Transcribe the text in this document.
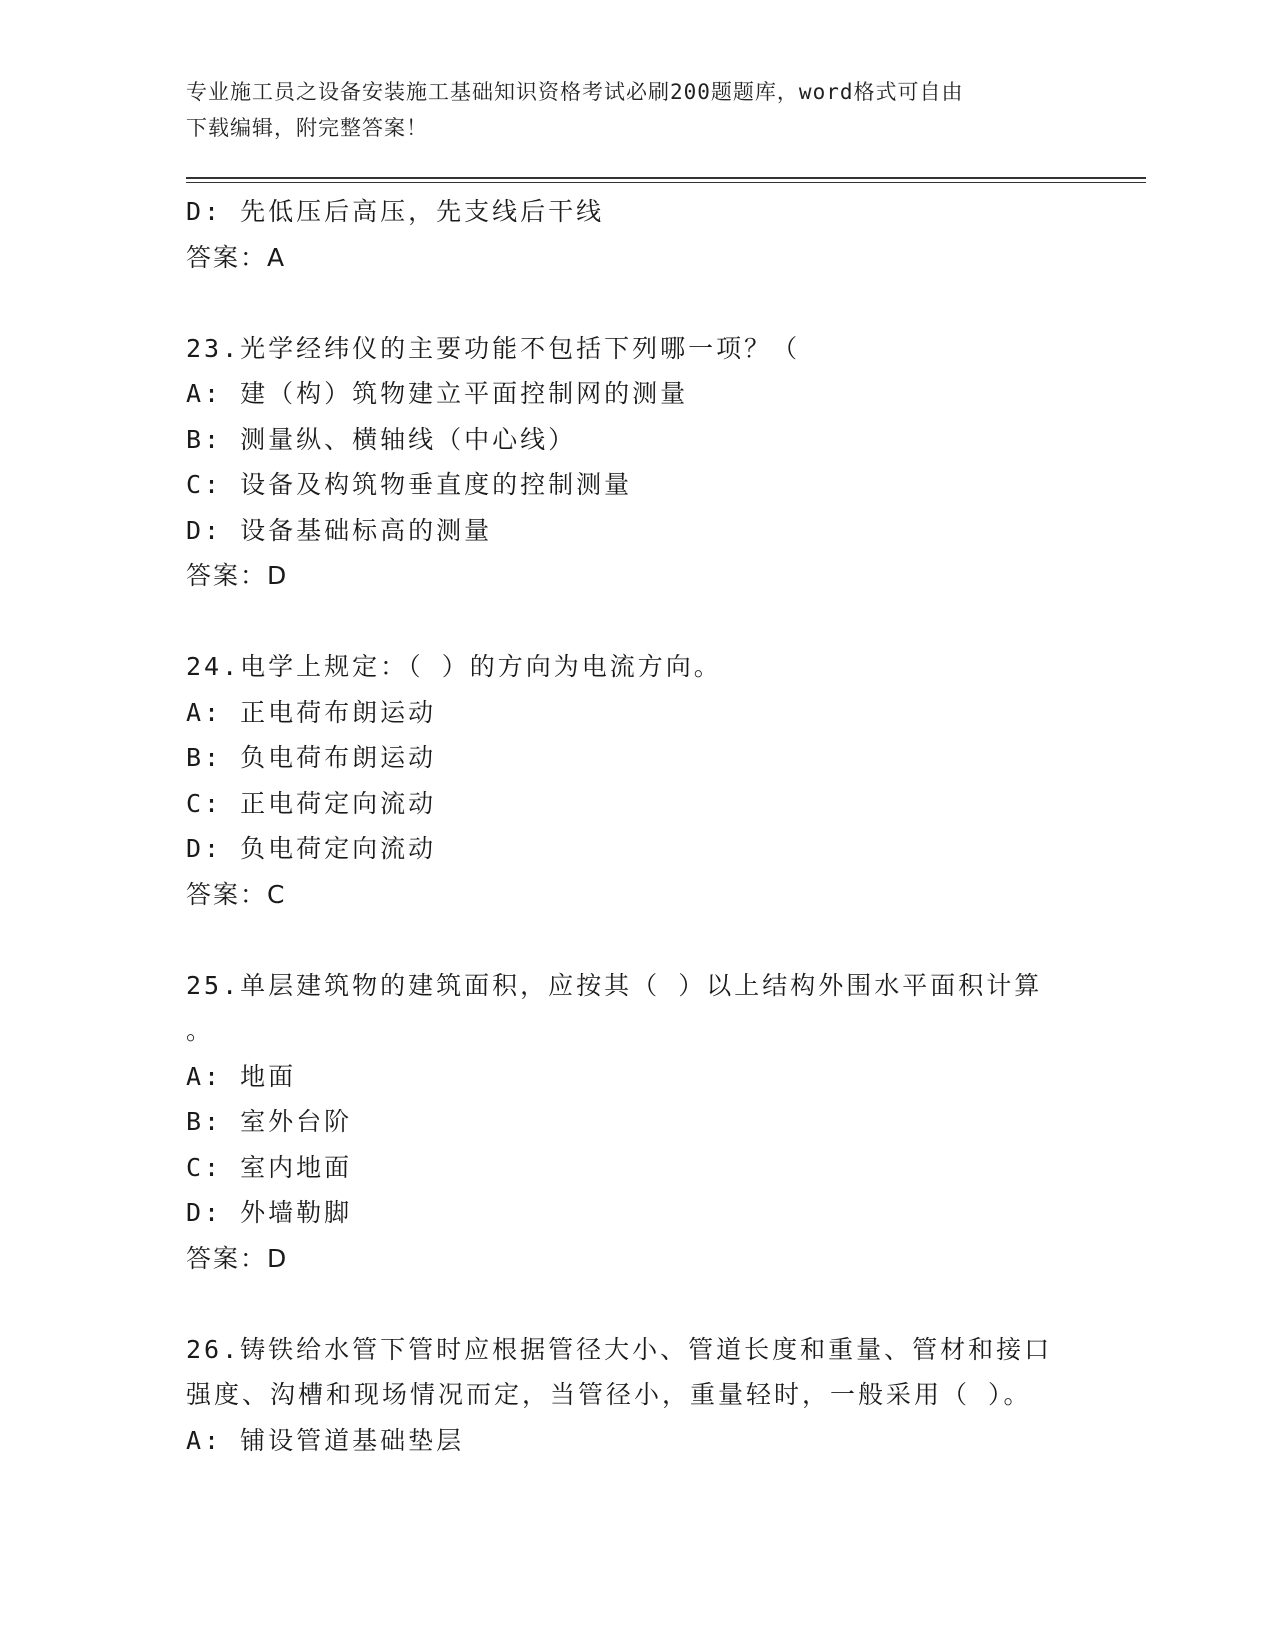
专业施工员之设备安装施工基础知识资格考试必刷200题题库，word格式可自由
下载编辑，附完整答案！
D: 先低压后高压，先支线后干线
答案：A
23.光学经纬仪的主要功能不包括下列哪一项？（
A: 建（构）筑物建立平面控制网的测量
B: 测量纵、横轴线（中心线）
C: 设备及构筑物垂直度的控制测量
D: 设备基础标高的测量
答案：D
24.电学上规定：（ ）的方向为电流方向。
A: 正电荷布朗运动
B: 负电荷布朗运动
C: 正电荷定向流动
D: 负电荷定向流动
答案：C
25.单层建筑物的建筑面积，应按其（ ）以上结构外围水平面积计算
。
A: 地面
B: 室外台阶
C: 室内地面
D: 外墙勒脚
答案：D
26.铸铁给水管下管时应根据管径大小、管道长度和重量、管材和接口
强度、沟槽和现场情况而定，当管径小，重量轻时，一般采用（ ）。
A: 铺设管道基础垫层
